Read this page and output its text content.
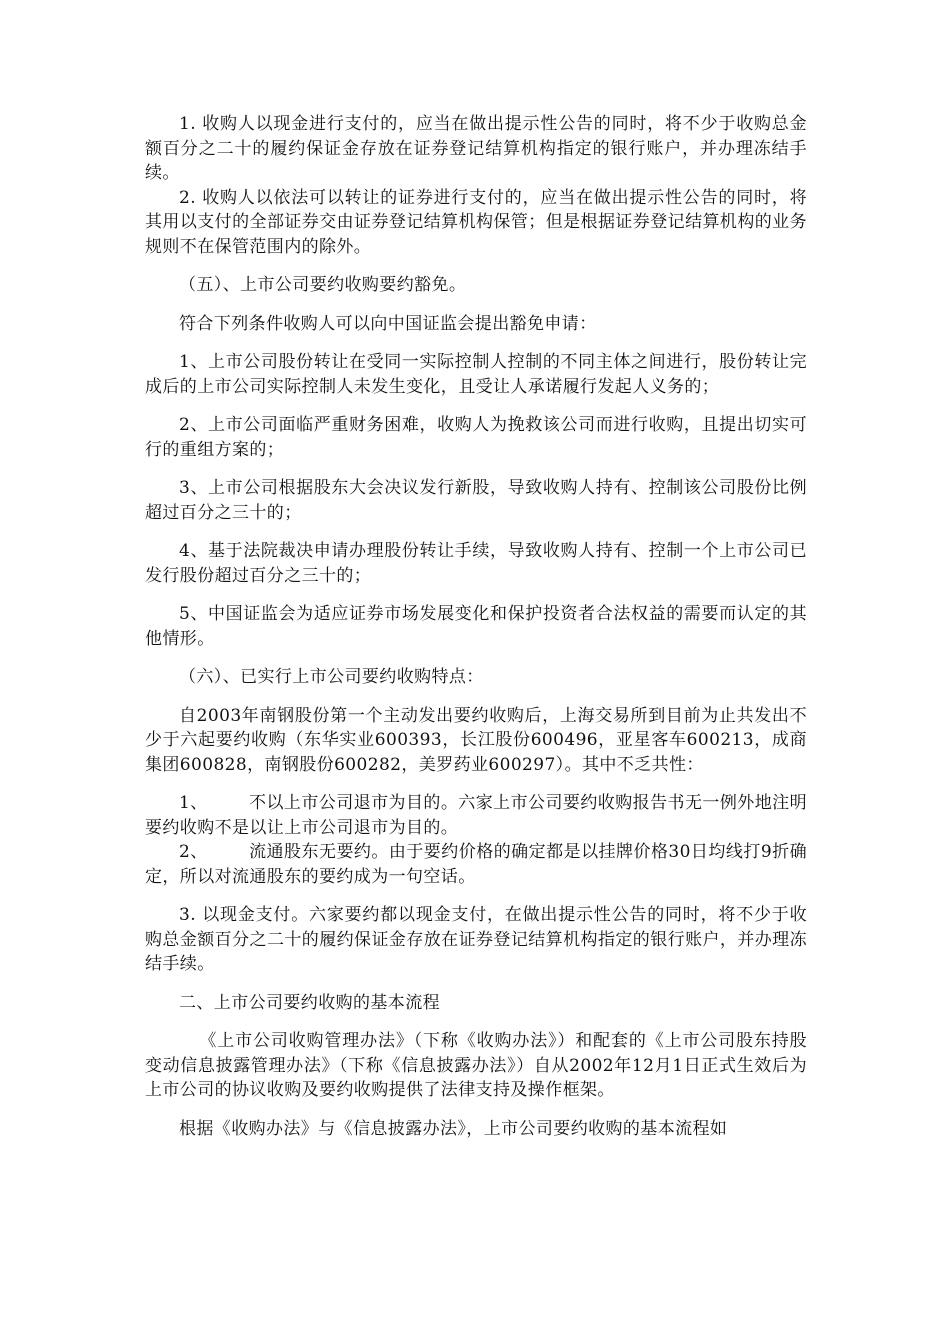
1. 收购人以现金进行支付的，应当在做出提示性公告的同时，将不少于收购总金额百分之二十的履约保证金存放在证券登记结算机构指定的银行账户，并办理冻结手续。

2. 收购人以依法可以转让的证券进行支付的，应当在做出提示性公告的同时，将其用以支付的全部证券交由证券登记结算机构保管；但是根据证券登记结算机构的业务规则不在保管范围内的除外。

（五）、上市公司要约收购要约豁免。

符合下列条件收购人可以向中国证监会提出豁免申请：

1、上市公司股份转让在受同一实际控制人控制的不同主体之间进行，股份转让完成后的上市公司实际控制人未发生变化，且受让人承诺履行发起人义务的；

2、上市公司面临严重财务困难，收购人为挽救该公司而进行收购，且提出切实可行的重组方案的；

3、上市公司根据股东大会决议发行新股，导致收购人持有、控制该公司股份比例超过百分之三十的；

4、基于法院裁决申请办理股份转让手续，导致收购人持有、控制一个上市公司已发行股份超过百分之三十的；

5、中国证监会为适应证券市场发展变化和保护投资者合法权益的需要而认定的其他情形。

（六）、已实行上市公司要约收购特点：

自2003年南钢股份第一个主动发出要约收购后，上海交易所到目前为止共发出不少于六起要约收购（东华实业600393，长江股份600496，亚星客车600213，成商集团600828，南钢股份600282，美罗药业600297）。其中不乏共性：

1、 不以上市公司退市为目的。六家上市公司要约收购报告书无一例外地注明要约收购不是以让上市公司退市为目的。

2、 流通股东无要约。由于要约价格的确定都是以挂牌价格30日均线打9折确定，所以对流通股东的要约成为一句空话。

3. 以现金支付。六家要约都以现金支付，在做出提示性公告的同时，将不少于收购总金额百分之二十的履约保证金存放在证券登记结算机构指定的银行账户，并办理冻结手续。

二、上市公司要约收购的基本流程

《上市公司收购管理办法》（下称《收购办法》）和配套的《上市公司股东持股变动信息披露管理办法》（下称《信息披露办法》）自从2002年12月1日正式生效后为上市公司的协议收购及要约收购提供了法律支持及操作框架。

根据《收购办法》与《信息披露办法》，上市公司要约收购的基本流程如
